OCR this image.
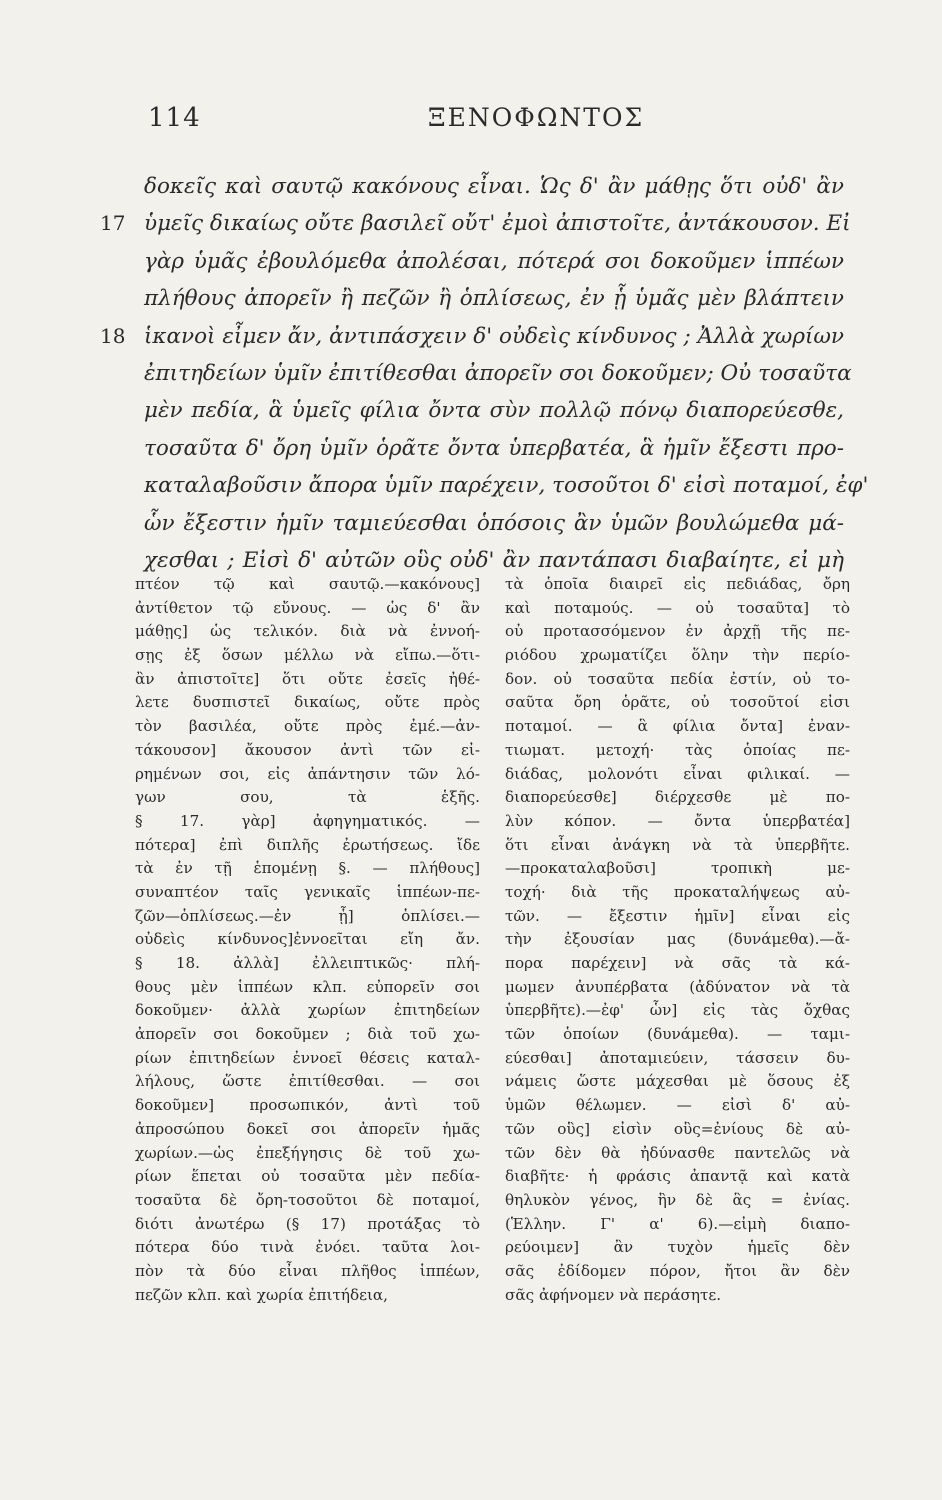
114	ΞΕΝΟΦΩΝΤΟΣ
δοκεῖς καὶ σαυτῷ κακόνους εἶναι. Ὡς δ' ἂν μάθῃς ὅτι οὐδ' ἂν
17 ὑμεῖς δικαίως οὔτε βασιλεῖ οὔτ' ἐμοὶ ἀπιστοῖτε, ἀντάκουσον. Εἰ
γὰρ ὑμᾶς ἐβουλόμεθα ἀπολέσαι, πότερά σοι δοκοῦμεν ἱππέων
πλήθους ἀπορεῖν ἢ πεζῶν ἢ ὁπλίσεως, ἐν ᾗ ὑμᾶς μὲν βλάπτειν
18 ἱκανοὶ εἶμεν ἄν, ἀντιπάσχειν δ' οὐδεὶς κίνδυνος ; Ἀλλὰ χωρίων
ἐπιτηδείων ὑμῖν ἐπιτίθεσθαι ἀπορεῖν σοι δοκοῦμεν; Οὐ τοσαῦτα
μὲν πεδία, ἃ ὑμεῖς φίλια ὄντα σὺν πολλῷ πόνῳ διαπορεύεσθε,
τοσαῦτα δ' ὄρη ὑμῖν ὁρᾶτε ὄντα ὑπερβατέα, ἃ ἡμῖν ἔξεστι προ-
καταλαβοῦσιν ἄπορα ὑμῖν παρέχειν, τοσοῦτοι δ' εἰσὶ ποταμοί, ἐφ'
ὧν ἔξεστιν ἡμῖν ταμιεύεσθαι ὁπόσοις ἂν ὑμῶν βουλώμεθα μά-
χεσθαι ; Εἰσὶ δ' αὐτῶν οὓς οὐδ' ἂν παντάπασι διαβαίητε, εἰ μὴ
πτέον τῷ καὶ σαυτῷ.—κακόνους]
ἀντίθετον τῷ εὔνους. — ὡς δ' ἂν
μάθῃς] ὡς τελικόν. διὰ νὰ ἐννοή-
σῃς ἐξ ὅσων μέλλω νὰ εἴπω.—ὅτι-
ἂν ἀπιστοῖτε] ὅτι οὔτε ἐσεῖς ἠθέ-
λετε δυσπιστεῖ δικαίως, οὔτε πρὸς
τὸν βασιλέα, οὔτε πρὸς ἐμέ.—ἀν-
τάκουσον] ἄκουσον ἀντὶ τῶν εἰ-
ρημένων σοι, εἰς ἀπάντησιν τῶν λό-
γων σου, τὰ ἑξῆς.
§ 17. γὰρ] ἀφηγηματικός. —
πότερα] ἐπὶ διπλῆς ἐρωτήσεως. ἴδε
τὰ ἐν τῇ ἑπομένῃ §. — πλήθους]
συναπτέον ταῖς γενικαῖς ἱππέων-πε-
ζῶν—ὁπλίσεως.—ἐν ᾗ] ὁπλίσει.—
οὐδεὶς κίνδυνος]ἐννοεῖται εἴη ἄν.
§ 18. ἀλλὰ] ἐλλειπτικῶς· πλή-
θους μὲν ἱππέων κλπ. εὐπορεῖν σοι
δοκοῦμεν· ἀλλὰ χωρίων ἐπιτηδείων
ἀπορεῖν σοι δοκοῦμεν ; διὰ τοῦ χω-
ρίων ἐπιτηδείων ἐννοεῖ θέσεις καταλ-
λήλους, ὥστε ἐπιτίθεσθαι. — σοι
δοκοῦμεν] προσωπικόν, ἀντὶ τοῦ
ἀπροσώπου δοκεῖ σοι ἀπορεῖν ἡμᾶς
χωρίων.—ὡς ἐπεξήγησις δὲ τοῦ χω-
ρίων ἕπεται οὐ τοσαῦτα μὲν πεδία-
τοσαῦτα δὲ ὄρη-τοσοῦτοι δὲ ποταμοί,
διότι ἀνωτέρω (§ 17) προτάξας τὸ
πότερα δύο τινὰ ἐνόει. ταῦτα λοι-
πὸν τὰ δύο εἶναι πλῆθος ἱππέων,
πεζῶν κλπ. καὶ χωρία ἐπιτήδεια,
τὰ ὁποῖα διαιρεῖ εἰς πεδιάδας, ὄρη
καὶ ποταμούς. — οὐ τοσαῦτα] τὸ
οὐ προτασσόμενον ἐν ἀρχῇ τῆς πε-
ριόδου χρωματίζει ὅλην τὴν περίο-
δον. οὐ τοσαῦτα πεδία ἐστίν, οὐ το-
σαῦτα ὄρη ὁρᾶτε, οὐ τοσοῦτοί εἰσι
ποταμοί. — ἃ φίλια ὄντα] ἐναν-
τιωματ. μετοχή· τὰς ὁποίας πε-
διάδας, μολονότι εἶναι φιλικαί. —
διαπορεύεσθε] διέρχεσθε μὲ πο-
λὺν κόπον. — ὄντα ὑπερβατέα]
ὅτι εἶναι ἀνάγκη νὰ τὰ ὑπερβῆτε.
—προκαταλαβοῦσι] τροπικὴ με-
τοχή· διὰ τῆς προκαταλήψεως αὐ-
τῶν. — ἔξεστιν ἡμῖν] εἶναι εἰς
τὴν ἐξουσίαν μας (δυνάμεθα).—ἄ-
πορα παρέχειν] νὰ σᾶς τὰ κά-
μωμεν ἀνυπέρβατα (ἀδύνατον νὰ τὰ
ὑπερβῆτε).—ἐφ' ὧν] εἰς τὰς ὄχθας
τῶν ὁποίων (δυνάμεθα). — ταμι-
εύεσθαι] ἀποταμιεύειν, τάσσειν δυ-
νάμεις ὥστε μάχεσθαι μὲ ὅσους ἐξ
ὑμῶν θέλωμεν. — εἰσὶ δ' αὐ-
τῶν οὓς] εἰσὶν οὓς=ἐνίους δὲ αὐ-
τῶν δὲν θὰ ἠδύνασθε παντελῶς νὰ
διαβῆτε· ἡ φράσις ἀπαντᾷ καὶ κατὰ
θηλυκὸν γένος, ἣν δὲ ἃς = ἐνίας.
(Ἑλλην. Γ' α' 6).—εἰμὴ διαπο-
ρεύοιμεν] ἂν τυχὸν ἡμεῖς δὲν
σᾶς ἐδίδομεν πόρον, ἤτοι ἂν δὲν
σᾶς ἀφήνομεν νὰ περάσητε.
